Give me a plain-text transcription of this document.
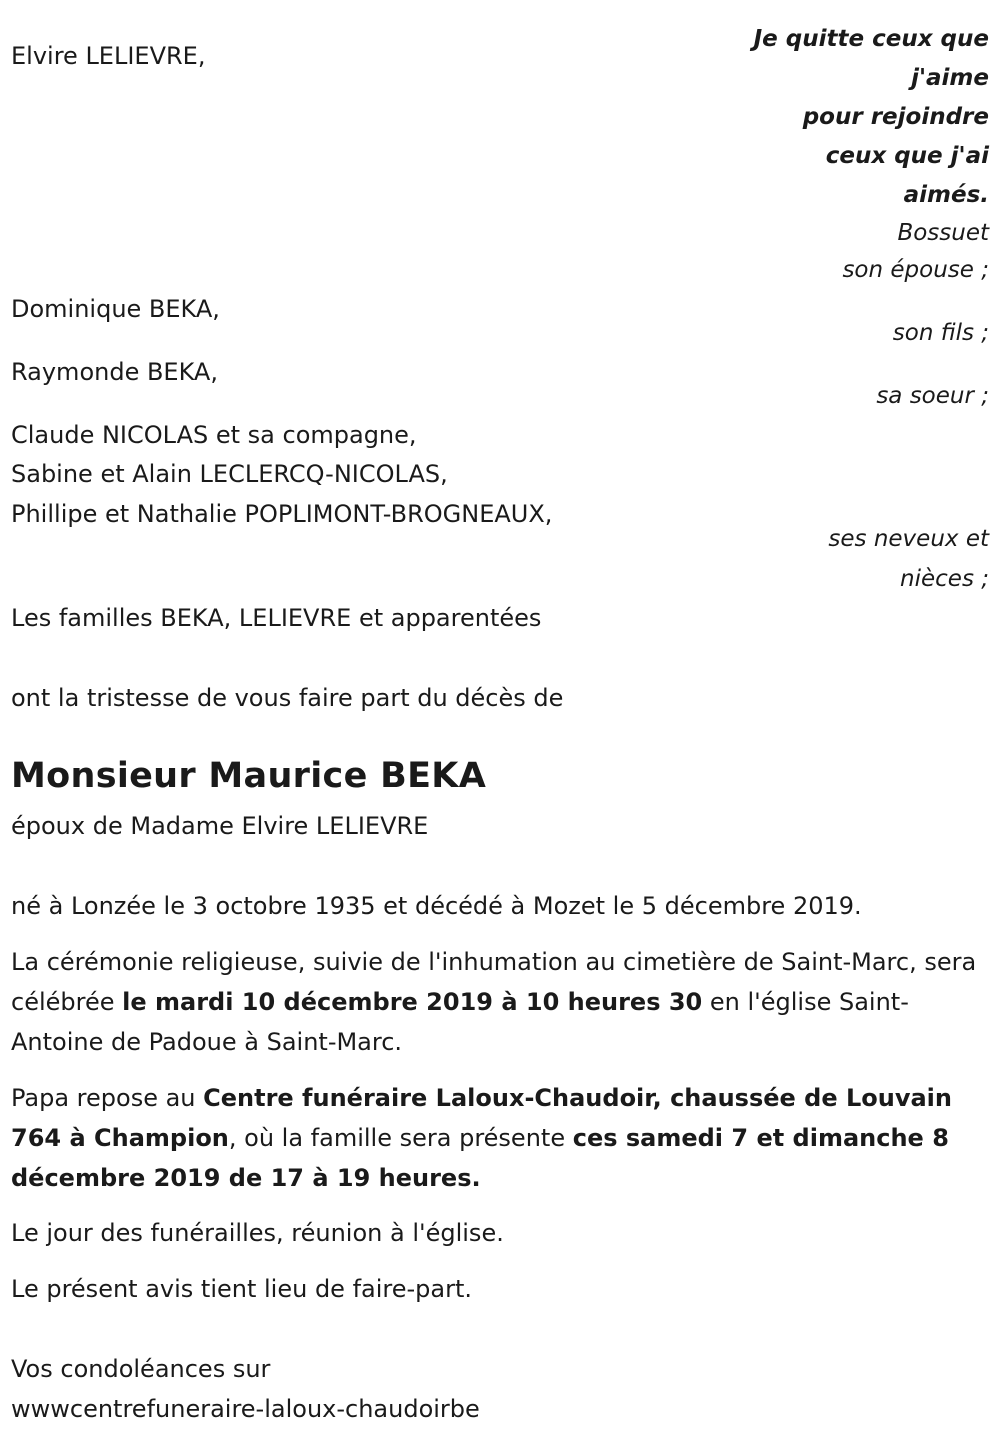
Je quitte ceux que
j'aime
pour rejoindre
ceux que j'ai
aimés.
Bossuet
Elvire LELIEVRE,
son épouse ;
Dominique BEKA,
son fils ;
Raymonde BEKA,
sa soeur ;
Claude NICOLAS et sa compagne,
Sabine et Alain LECLERCQ-NICOLAS,
Phillipe et Nathalie POPLIMONT-BROGNEAUX,
ses neveux et
nièces ;
Les familles BEKA, LELIEVRE et apparentées
ont la tristesse de vous faire part du décès de
Monsieur Maurice BEKA
époux de Madame Elvire LELIEVRE
né à Lonzée le 3 octobre 1935 et décédé à Mozet le 5 décembre 2019.
La cérémonie religieuse, suivie de l'inhumation au cimetière de Saint-Marc, sera célébrée le mardi 10 décembre 2019 à 10 heures 30 en l'église Saint-Antoine de Padoue à Saint-Marc.
Papa repose au Centre funéraire Laloux-Chaudoir, chaussée de Louvain 764 à Champion, où la famille sera présente ces samedi 7 et dimanche 8 décembre 2019 de 17 à 19 heures.
Le jour des funérailles, réunion à l'église.
Le présent avis tient lieu de faire-part.
Vos condoléances sur
wwwcentrefuneraire-laloux-chaudoirbe
